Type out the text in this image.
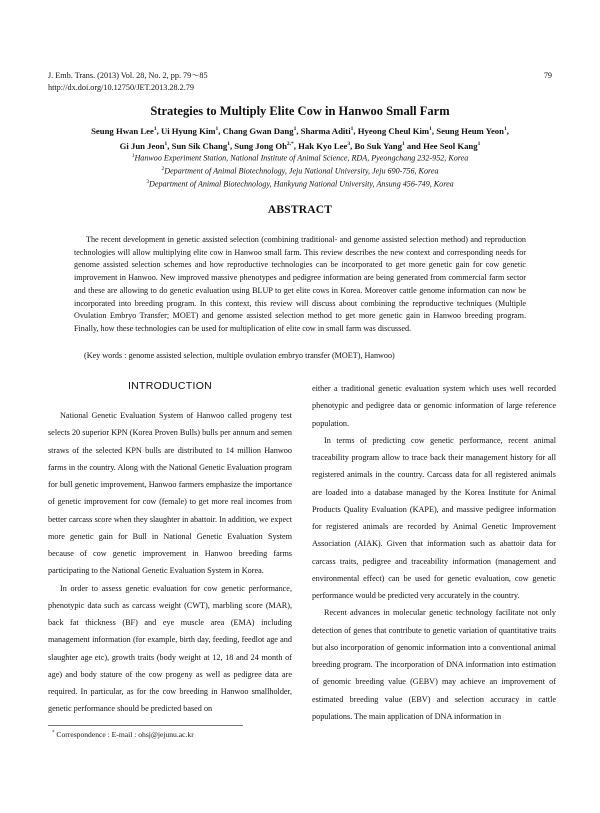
J. Emb. Trans. (2013) Vol. 28, No. 2, pp. 79～85
http://dx.doi.org/10.12750/JET.2013.28.2.79
79
Strategies to Multiply Elite Cow in Hanwoo Small Farm
Seung Hwan Lee$^1$, Ui Hyung Kim$^1$, Chang Gwan Dang$^1$, Sharma Aditi$^1$, Hyeong Cheul Kim$^1$, Seung Heum Yeon$^1$,
Gi Jun Jeon$^1$, Sun Sik Chang$^1$, Sung Jong $Oh^{2,*}$, Hak Kyo Lee$^3$, Bo Suk Yang$^1$ and Hee Seol Kang$^1$
$^1$Hanwoo Experiment Station, National Institute of Animal Science, RDA, Pyeongchang 232-952, Korea
$^2$Department of Animal Biotechnology, Jeju National University, Jeju 690-756, Korea
$^3$Department of Animal Biotechnology, Hankyung National University, Ansung 456-749, Korea
ABSTRACT
The recent development in genetic assisted selection (combining traditional- and genome assisted selection method) and reproduction technologies will allow multiplying elite cow in Hanwoo small farm. This review describes the new context and corresponding needs for genome assisted selection schemes and how reproductive technologies can be incorporated to get more genetic gain for cow genetic improvement in Hanwoo. New improved massive phenotypes and pedigree information are being generated from commercial farm sector and these are allowing to do genetic evaluation using BLUP to get elite cows in Korea. Moreover cattle genome information can now be incorporated into breeding program. In this context, this review will discuss about combining the reproductive techniques (Multiple Ovulation Embryo Transfer; MOET) and genome assisted selection method to get more genetic gain in Hanwoo breeding program. Finally, how these technologies can be used for multiplication of elite cow in small farm was discussed.
(Key words : genome assisted selection, multiple ovulation embryo transfer (MOET), Hanwoo)
INTRODUCTION

National Genetic Evaluation System of Hanwoo called progeny test selects 20 superior KPN (Korea Proven Bulls) bulls per annum and semen straws of the selected KPN bulls are distributed to 14 million Hanwoo farms in the country. Along with the National Genetic Evaluation program for bull genetic improvement, Hanwoo farmers emphasize the importance of genetic improvement for cow (female) to get more real incomes from better carcass score when they slaughter in abattoir. In addition, we expect more genetic gain for Bull in National Genetic Evaluation System because of cow genetic improvement in Hanwoo breeding farms participating to the National Genetic Evaluation System in Korea.

In order to assess genetic evaluation for cow genetic performance, phenotypic data such as carcass weight (CWT), marbling score (MAR), back fat thickness (BF) and eye muscle area (EMA) including management information (for example, birth day, feeding, feedlot age and slaughter age etc), growth traits (body weight at 12, 18 and 24 month of age) and body stature of the cow progeny as well as pedigree data are required. In particular, as for the cow breeding in Hanwoo smallholder, genetic performance should be predicted based on

either a traditional genetic evaluation system which uses well recorded phenotypic and pedigree data or genomic information of large reference population.

In terms of predicting cow genetic performance, recent animal traceability program allow to trace back their management history for all registered animals in the country. Carcass data for all registered animals are loaded into a database managed by the Korea Institute for Animal Products Quality Evaluation (KAPE), and massive pedigree information for registered animals are recorded by Animal Genetic Improvement Association (AIAK). Given that information such as abattoir data for carcass traits, pedigree and traceability information (management and environmental effect) can be used for genetic evaluation, cow genetic performance would be predicted very accurately in the country.

Recent advances in molecular genetic technology facilitate not only detection of genes that contribute to genetic variation of quantitative traits but also incorporation of genomic information into a conventional animal breeding program. The incorporation of DNA information into estimation of genomic breeding value (GEBV) may achieve an improvement of estimated breeding value (EBV) and selection accuracy in cattle populations. The main application of DNA information in

* Correspondence : E-mail : ohsj@jejunu.ac.kr
